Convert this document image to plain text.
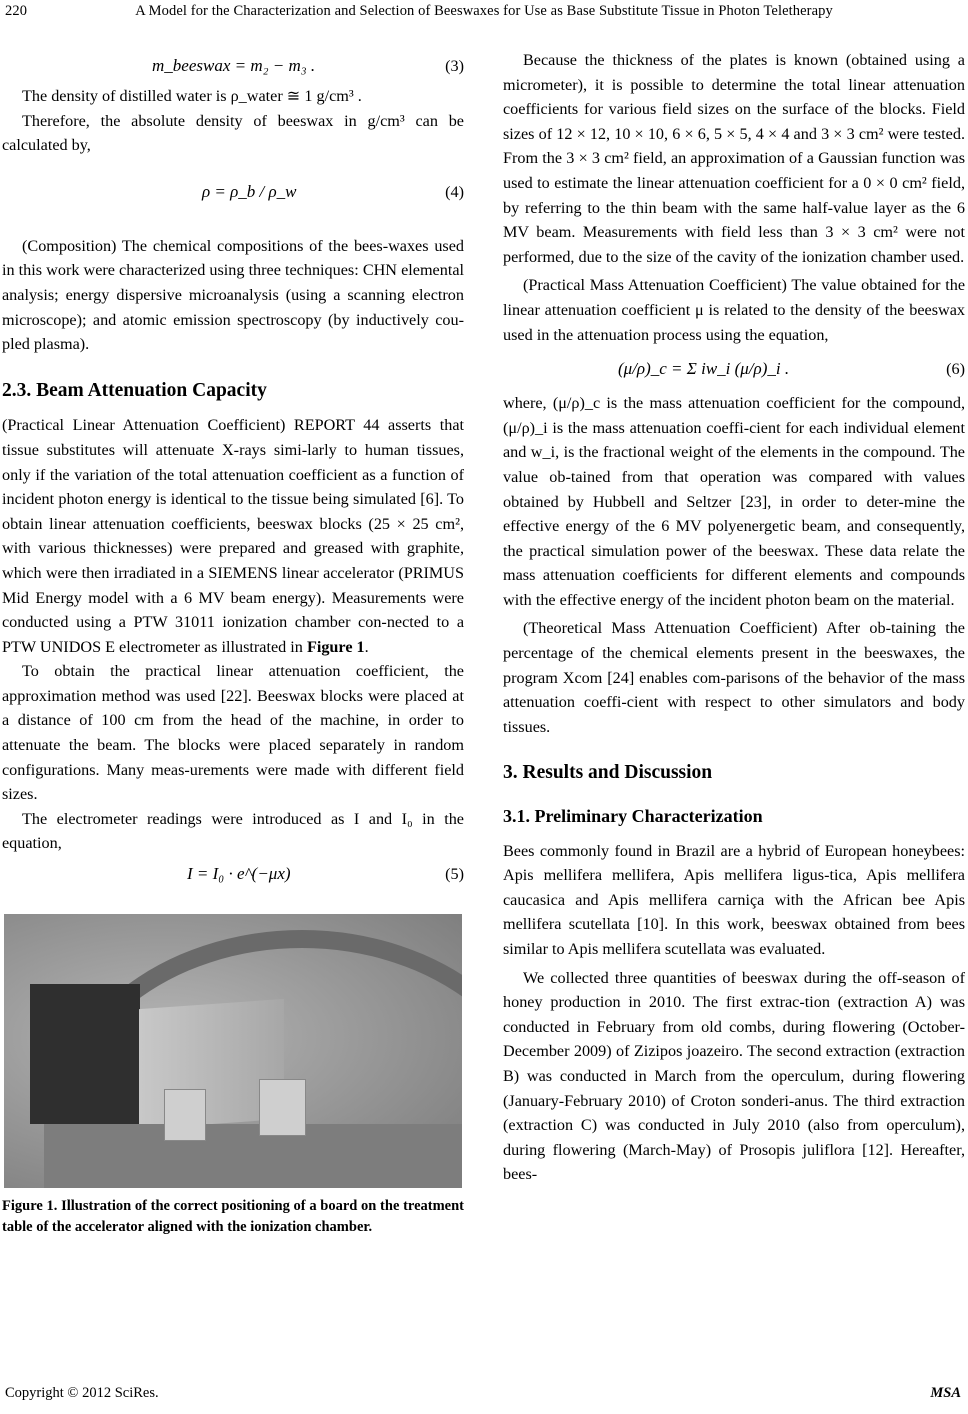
220	A Model for the Characterization and Selection of Beeswaxes for Use as Base Substitute Tissue in Photon Teletherapy
m_beeswax = m₂ − m₃ .	(3)

The density of distilled water is ρ_water ≅ 1 g/cm³ .

Therefore, the absolute density of beeswax in g/cm³ can be calculated by,

ρ = ρ_b / ρ_w	(4)

(Composition) The chemical compositions of the bees-waxes used in this work were characterized using three techniques: CHN elemental analysis; energy dispersive microanalysis (using a scanning electron microscope); and atomic emission spectroscopy (by inductively cou-pled plasma).

2.3. Beam Attenuation Capacity

(Practical Linear Attenuation Coefficient) REPORT 44 asserts that tissue substitutes will attenuate X-rays simi-larly to human tissues, only if the variation of the total attenuation coefficient as a function of incident photon energy is identical to the tissue being simulated [6]. To obtain linear attenuation coefficients, beeswax blocks (25 × 25 cm², with various thicknesses) were prepared and greased with graphite, which were then irradiated in a SIEMENS linear accelerator (PRIMUS Mid Energy model with a 6 MV beam energy). Measurements were conducted using a PTW 31011 ionization chamber con-nected to a PTW UNIDOS E electrometer as illustrated in Figure 1.

To obtain the practical linear attenuation coefficient, the approximation method was used [22]. Beeswax blocks were placed at a distance of 100 cm from the head of the machine, in order to attenuate the beam. The blocks were placed separately in random configurations. Many meas-urements were made with different field sizes.

The electrometer readings were introduced as I and I₀ in the equation,

I = I₀ · e^(−μx)	(5)
Figure 1. Illustration of the correct positioning of a board on the treatment table of the accelerator aligned with the ionization chamber.

Because the thickness of the plates is known (obtained using a micrometer), it is possible to determine the total linear attenuation coefficients for various field sizes on the surface of the blocks. Field sizes of 12 × 12, 10 × 10, 6 × 6, 5 × 5, 4 × 4 and 3 × 3 cm² were tested. From the 3 × 3 cm² field, an approximation of a Gaussian function was used to estimate the linear attenuation coefficient for a 0 × 0 cm² field, by referring to the thin beam with the same half-value layer as the 6 MV beam. Measurements with field less than 3 × 3 cm² were not performed, due to the size of the cavity of the ionization chamber used.

(Practical Mass Attenuation Coefficient) The value obtained for the linear attenuation coefficient μ is related to the density of the beeswax used in the attenuation process using the equation,

(μ/ρ)_c = Σ iw_i (μ/ρ)_i .	(6)

where, (μ/ρ)_c is the mass attenuation coefficient for the compound, (μ/ρ)_i is the mass attenuation coeffi-cient for each individual element and w_i, is the fractional weight of the elements in the compound. The value ob-tained from that operation was compared with values obtained by Hubbell and Seltzer [23], in order to deter-mine the effective energy of the 6 MV polyenergetic beam, and consequently, the practical simulation power of the beeswax. These data relate the mass attenuation coefficients for different elements and compounds with the effective energy of the incident photon beam on the material.

(Theoretical Mass Attenuation Coefficient) After ob-taining the percentage of the chemical elements present in the beeswaxes, the program Xcom [24] enables com-parisons of the behavior of the mass attenuation coeffi-cient with respect to other simulators and body tissues.

3. Results and Discussion
3.1. Preliminary Characterization

Bees commonly found in Brazil are a hybrid of European honeybees: Apis mellifera mellifera, Apis mellifera ligus-tica, Apis mellifera caucasica and Apis mellifera carniça with the African bee Apis mellifera scutellata [10]. In this work, beeswax obtained from bees similar to Apis mellifera scutellata was evaluated.

We collected three quantities of beeswax during the off-season of honey production in 2010. The first extrac-tion (extraction A) was conducted in February from old combs, during flowering (October-December 2009) of Zizipos joazeiro. The second extraction (extraction B) was conducted in March from the operculum, during flowering (January-February 2010) of Croton sonderi-anus. The third extraction (extraction C) was conducted in July 2010 (also from operculum), during flowering (March-May) of Prosopis juliflora [12]. Hereafter, bees-

Copyright © 2012 SciRes.	MSA
